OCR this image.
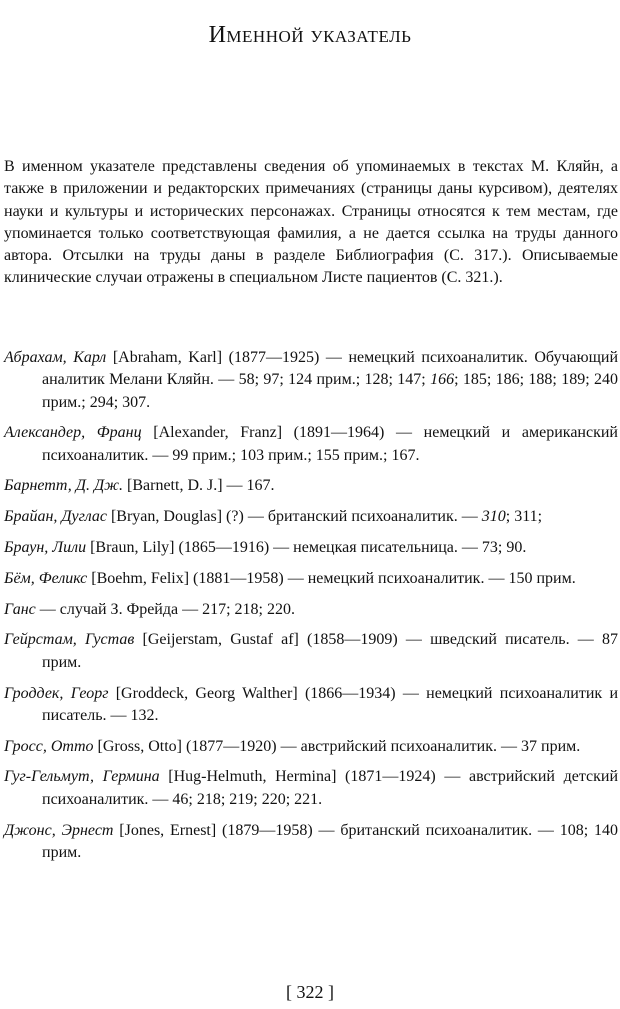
Именной указатель

В именном указателе представлены сведения об упоминаемых в текстах М. Кляйн, а также в приложении и редакторских примечаниях (страницы даны курсивом), деятелях науки и культуры и исторических персонажах. Страницы относятся к тем местам, где упоминается только соответствующая фамилия, а не дается ссылка на труды данного автора. Отсылки на труды даны в разделе Библиография (С. 317.). Описываемые клинические случаи отражены в специальном Листе пациентов (С. 321.).

Абрахам, Карл [Abraham, Karl] (1877—1925) — немецкий психоаналитик. Обучающий аналитик Мелани Кляйн. — 58; 97; 124 прим.; 128; 147; 166; 185; 186; 188; 189; 240 прим.; 294; 307.

Александер, Франц [Alexander, Franz] (1891—1964) — немецкий и американский психоаналитик. — 99 прим.; 103 прим.; 155 прим.; 167.

Барнетт, Д. Дж. [Barnett, D. J.] — 167.

Брайан, Дуглас [Bryan, Douglas] (?) — британский психоаналитик. — 310; 311;

Браун, Лили [Braun, Lily] (1865—1916) — немецкая писательница. — 73; 90.

Бём, Феликс [Boehm, Felix] (1881—1958) — немецкий психоаналитик. — 150 прим.

Ганс — случай З. Фрейда — 217; 218; 220.

Гейрстам, Густав [Geijerstam, Gustaf af] (1858—1909) — шведский писатель. — 87 прим.

Гроддек, Георг [Groddeck, Georg Walther] (1866—1934) — немецкий психоаналитик и писатель. — 132.

Гросс, Отто [Gross, Otto] (1877—1920) — австрийский психоаналитик. — 37 прим.

Гуг-Гельмут, Гермина [Hug-Helmuth, Hermina] (1871—1924) — австрийский детский психоаналитик. — 46; 218; 219; 220; 221.

Джонс, Эрнест [Jones, Ernest] (1879—1958) — британский психоаналитик. — 108; 140 прим.

[ 322 ]
